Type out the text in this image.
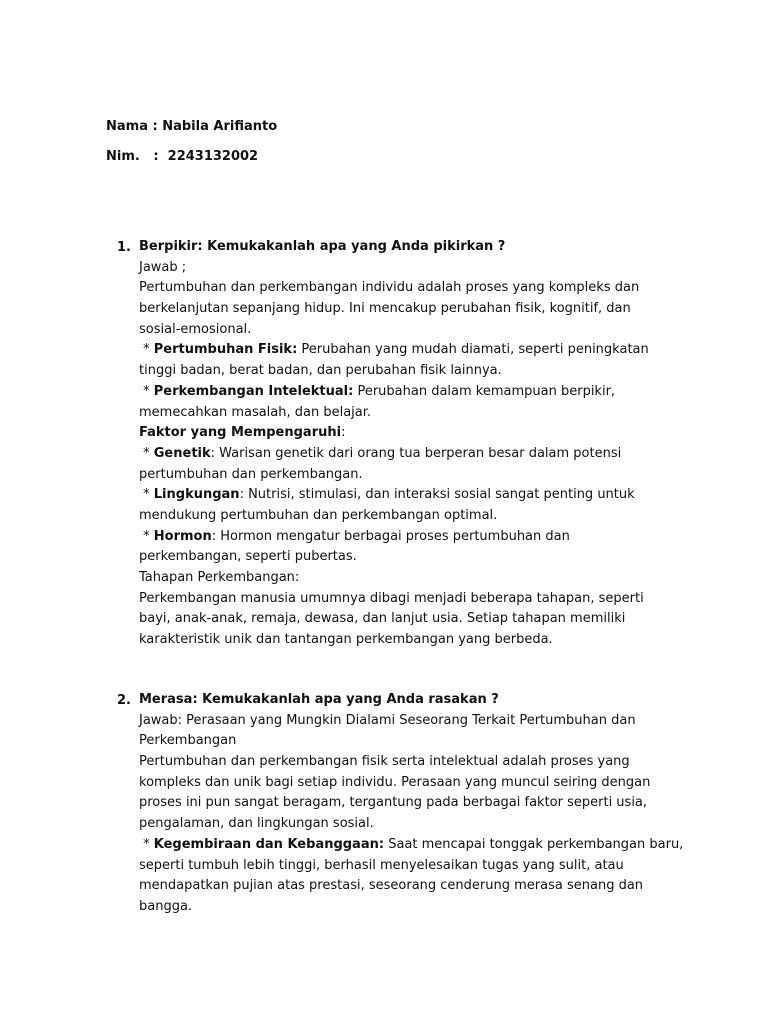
Nama : Nabila Arifianto
Nim.   :  2243132002
1. Berpikir: Kemukakanlah apa yang Anda pikirkan ?
Jawab ;
Pertumbuhan dan perkembangan individu adalah proses yang kompleks dan
berkelanjutan sepanjang hidup. Ini mencakup perubahan fisik, kognitif, dan
sosial-emosional.
* Pertumbuhan Fisik: Perubahan yang mudah diamati, seperti peningkatan
tinggi badan, berat badan, dan perubahan fisik lainnya.
* Perkembangan Intelektual: Perubahan dalam kemampuan berpikir,
memecahkan masalah, dan belajar.
Faktor yang Mempengaruhi:
* Genetik: Warisan genetik dari orang tua berperan besar dalam potensi
pertumbuhan dan perkembangan.
* Lingkungan: Nutrisi, stimulasi, dan interaksi sosial sangat penting untuk
mendukung pertumbuhan dan perkembangan optimal.
* Hormon: Hormon mengatur berbagai proses pertumbuhan dan
perkembangan, seperti pubertas.
Tahapan Perkembangan:
Perkembangan manusia umumnya dibagi menjadi beberapa tahapan, seperti
bayi, anak-anak, remaja, dewasa, dan lanjut usia. Setiap tahapan memiliki
karakteristik unik dan tantangan perkembangan yang berbeda.
2. Merasa: Kemukakanlah apa yang Anda rasakan ?
Jawab: Perasaan yang Mungkin Dialami Seseorang Terkait Pertumbuhan dan
Perkembangan
Pertumbuhan dan perkembangan fisik serta intelektual adalah proses yang
kompleks dan unik bagi setiap individu. Perasaan yang muncul seiring dengan
proses ini pun sangat beragam, tergantung pada berbagai faktor seperti usia,
pengalaman, dan lingkungan sosial.
* Kegembiraan dan Kebanggaan: Saat mencapai tonggak perkembangan baru,
seperti tumbuh lebih tinggi, berhasil menyelesaikan tugas yang sulit, atau
mendapatkan pujian atas prestasi, seseorang cenderung merasa senang dan
bangga.
